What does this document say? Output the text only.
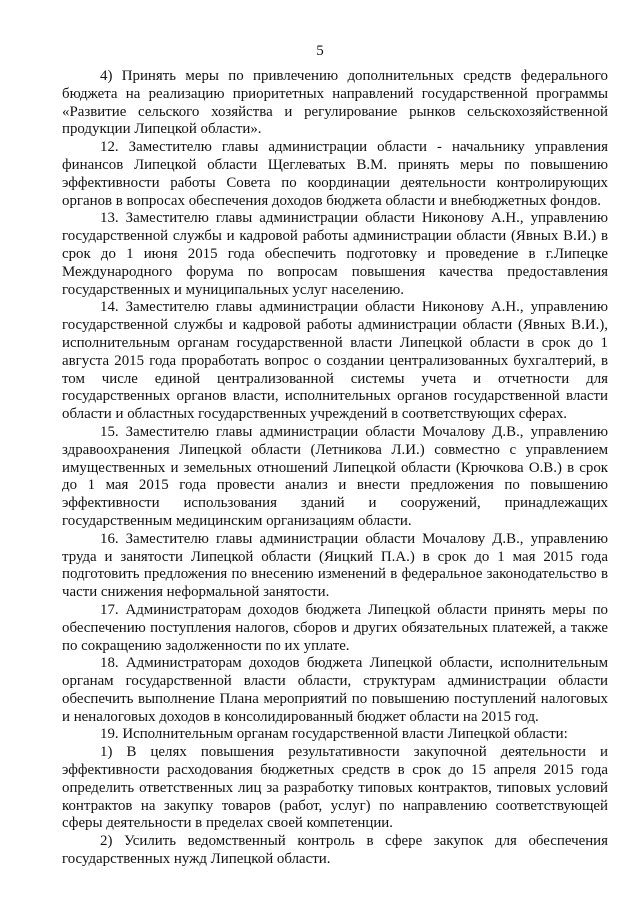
5

4) Принять меры по привлечению дополнительных средств федерального бюджета на реализацию приоритетных направлений государственной программы «Развитие сельского хозяйства и регулирование рынков сельскохозяйственной продукции Липецкой области».

12. Заместителю главы администрации области - начальнику управления финансов Липецкой области Щеглеватых В.М. принять меры по повышению эффективности работы Совета по координации деятельности контролирующих органов в вопросах обеспечения доходов бюджета области и внебюджетных фондов.

13. Заместителю главы администрации области Никонову А.Н., управлению государственной службы и кадровой работы администрации области (Явных В.И.) в срок до 1 июня 2015 года обеспечить подготовку и проведение в г.Липецке Международного форума по вопросам повышения качества предоставления государственных и муниципальных услуг населению.

14. Заместителю главы администрации области Никонову А.Н., управлению государственной службы и кадровой работы администрации области (Явных В.И.), исполнительным органам государственной власти Липецкой области в срок до 1 августа 2015 года проработать вопрос о создании централизованных бухгалтерий, в том числе единой централизованной системы учета и отчетности для государственных органов власти, исполнительных органов государственной власти области и областных государственных учреждений в соответствующих сферах.

15. Заместителю главы администрации области Мочалову Д.В., управлению здравоохранения Липецкой области (Летникова Л.И.) совместно с управлением имущественных и земельных отношений Липецкой области (Крючкова О.В.) в срок до 1 мая 2015 года провести анализ и внести предложения по повышению эффективности использования зданий и сооружений, принадлежащих государственным медицинским организациям области.

16. Заместителю главы администрации области Мочалову Д.В., управлению труда и занятости Липецкой области (Яицкий П.А.) в срок до 1 мая 2015 года подготовить предложения по внесению изменений в федеральное законодательство в части снижения неформальной занятости.

17. Администраторам доходов бюджета Липецкой области принять меры по обеспечению поступления налогов, сборов и других обязательных платежей, а также по сокращению задолженности по их уплате.

18. Администраторам доходов бюджета Липецкой области, исполнительным органам государственной власти области, структурам администрации области обеспечить выполнение Плана мероприятий по повышению поступлений налоговых и неналоговых доходов в консолидированный бюджет области на 2015 год.

19. Исполнительным органам государственной власти Липецкой области:

1) В целях повышения результативности закупочной деятельности и эффективности расходования бюджетных средств в срок до 15 апреля 2015 года определить ответственных лиц за разработку типовых контрактов, типовых условий контрактов на закупку товаров (работ, услуг) по направлению соответствующей сферы деятельности в пределах своей компетенции.

2) Усилить ведомственный контроль в сфере закупок для обеспечения государственных нужд Липецкой области.
